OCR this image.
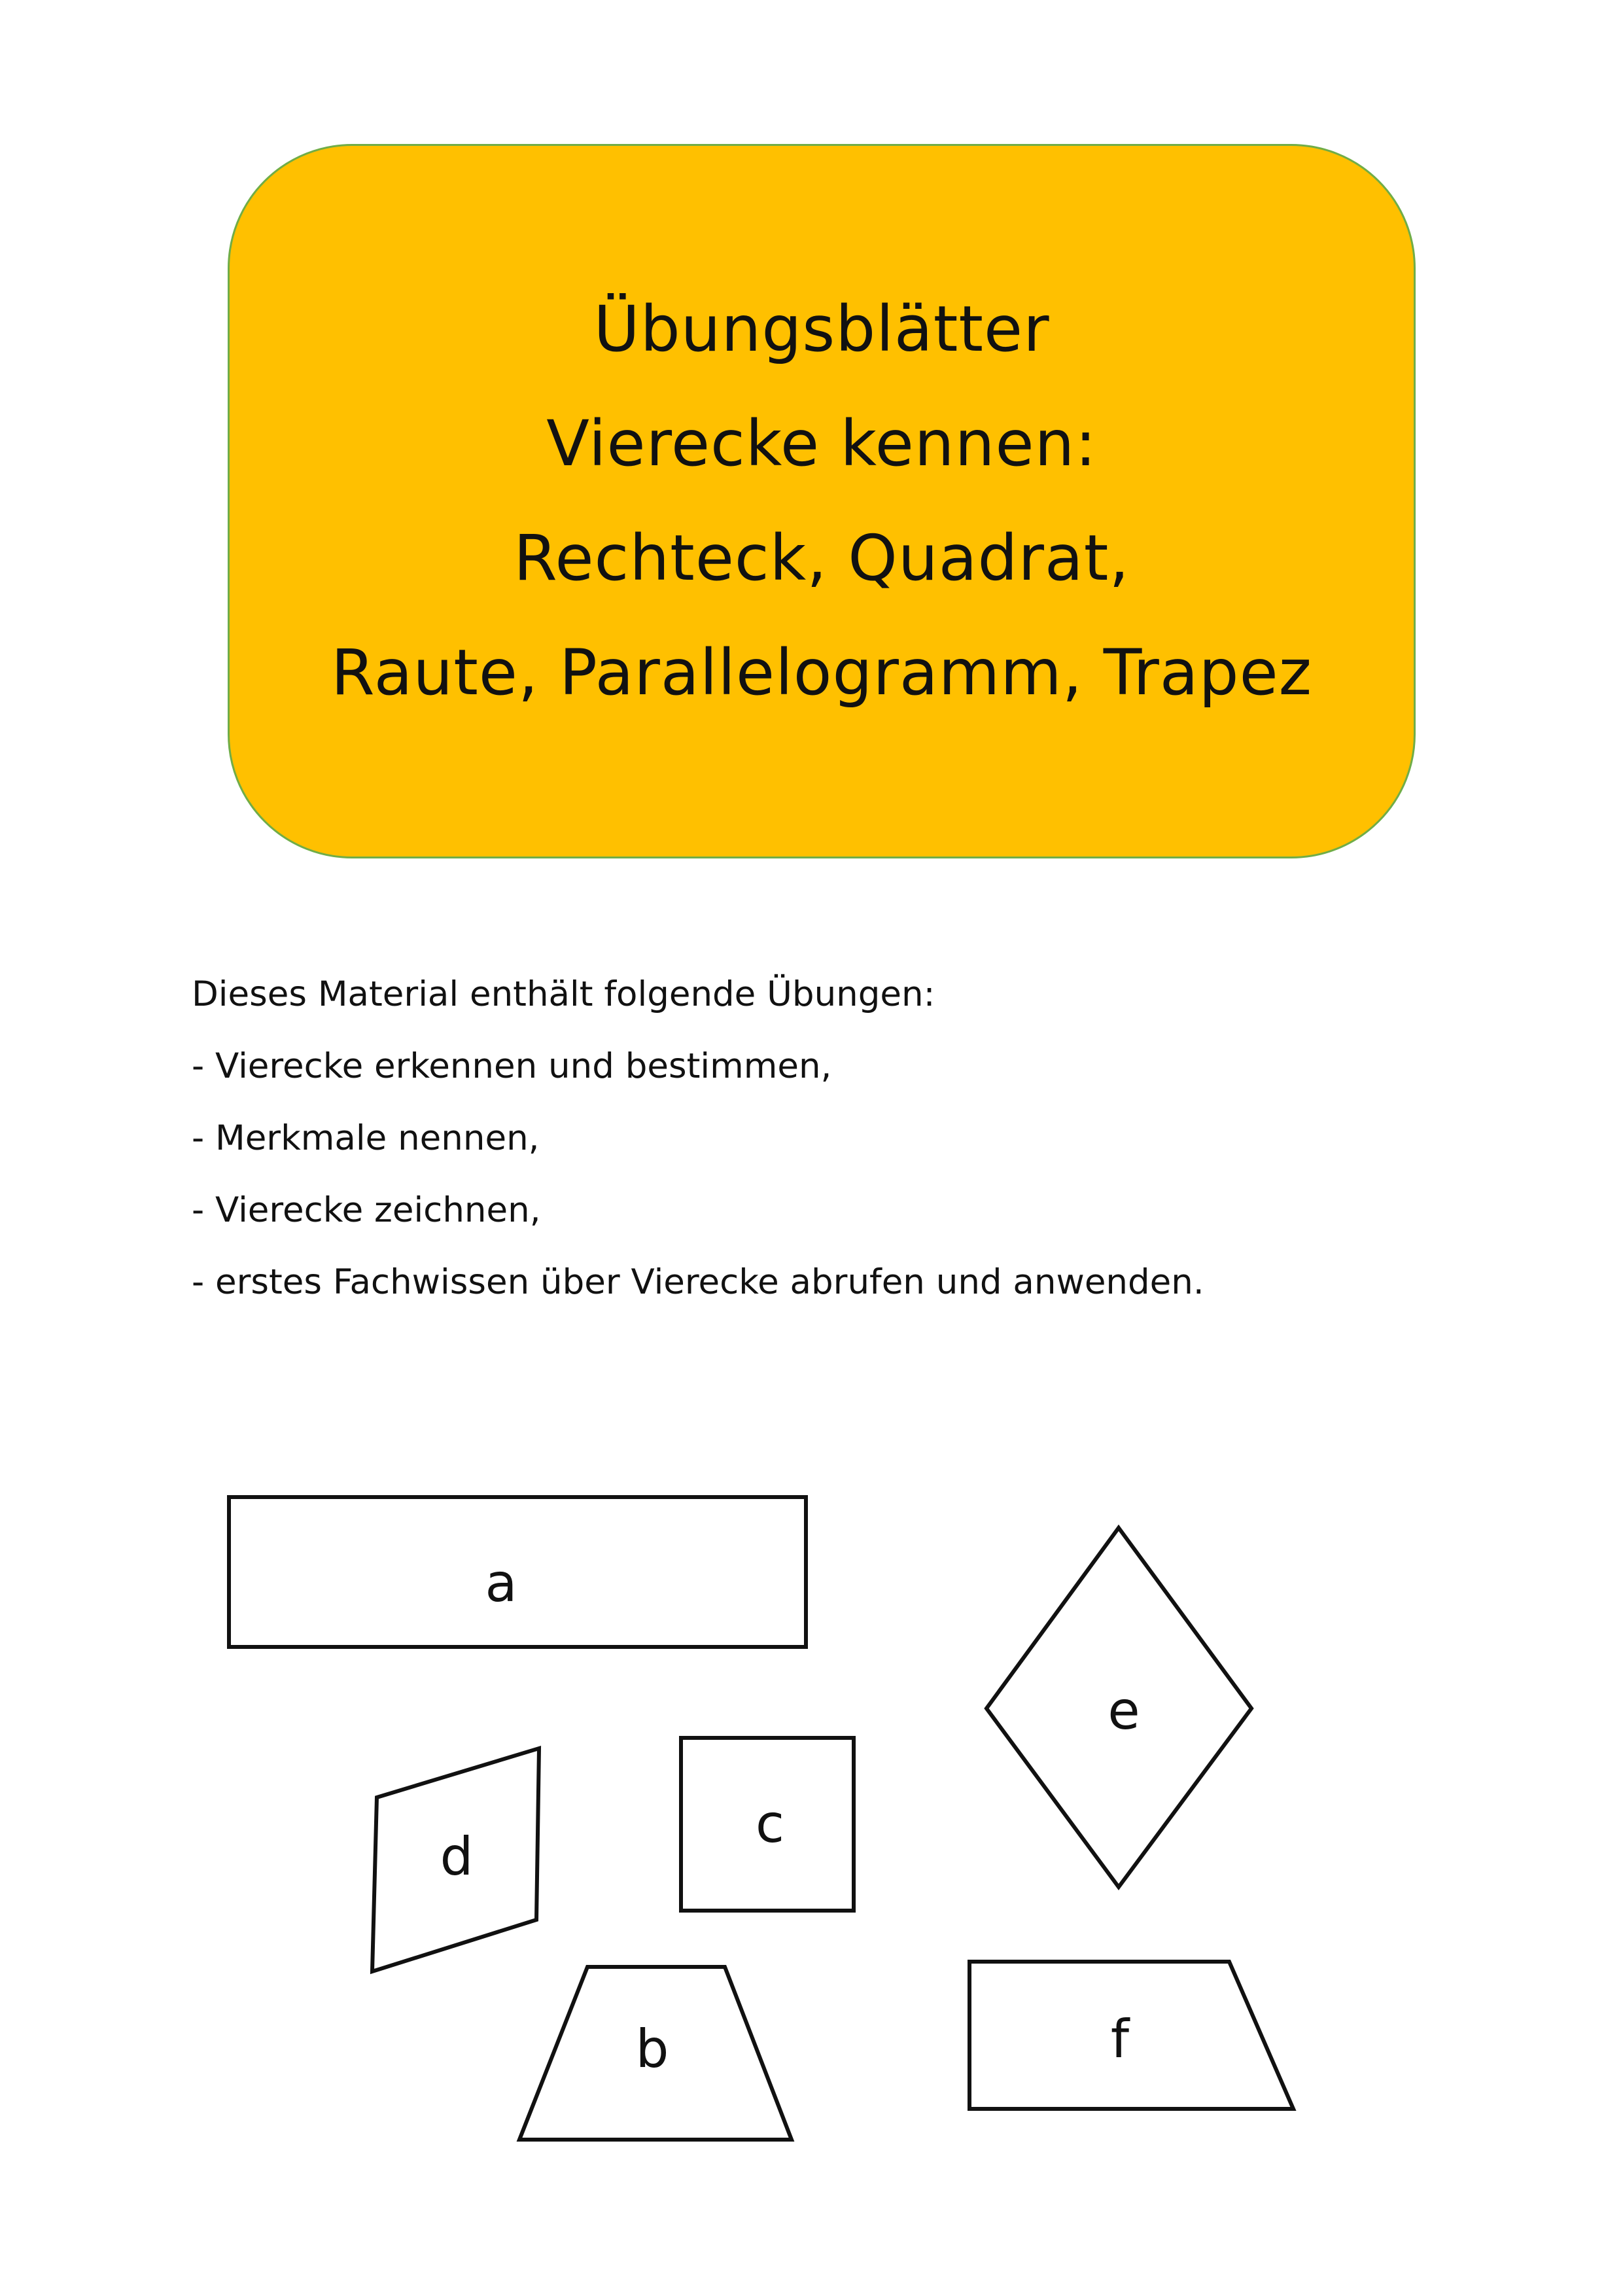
Übungsblätter
Vierecke kennen:
Rechteck, Quadrat,
Raute, Parallelogramm, Trapez
Dieses Material enthält folgende Übungen:
- Vierecke erkennen und bestimmen,
- Merkmale nennen,
- Vierecke zeichnen,
- erstes Fachwissen über Vierecke abrufen und anwenden.
a
e
d
c
b	f
